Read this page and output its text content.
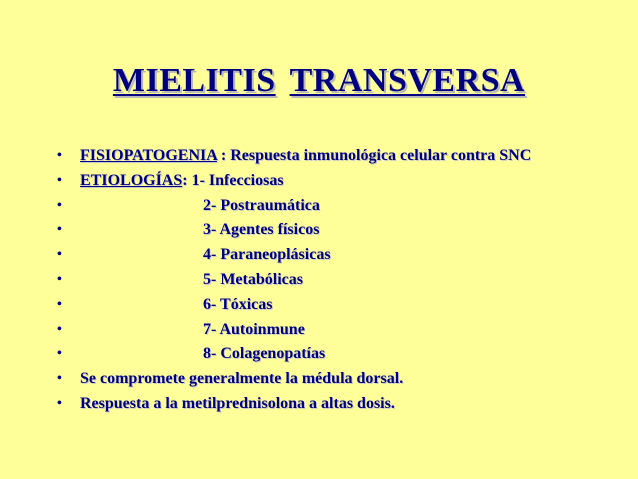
MIELITIS TRANSVERSA
• FISIOPATOGENIA : Respuesta inmunológica celular contra SNC
• ETIOLOGÍAS: 1- Infecciosas
•	2- Postraumática
•	3- Agentes físicos
•	4- Paraneoplásicas
•	5- Metabólicas
•	6- Tóxicas
•	7- Autoinmune
•	8- Colagenopatías
• Se compromete generalmente la médula dorsal.
• Respuesta a la metilprednisolona a altas dosis.
